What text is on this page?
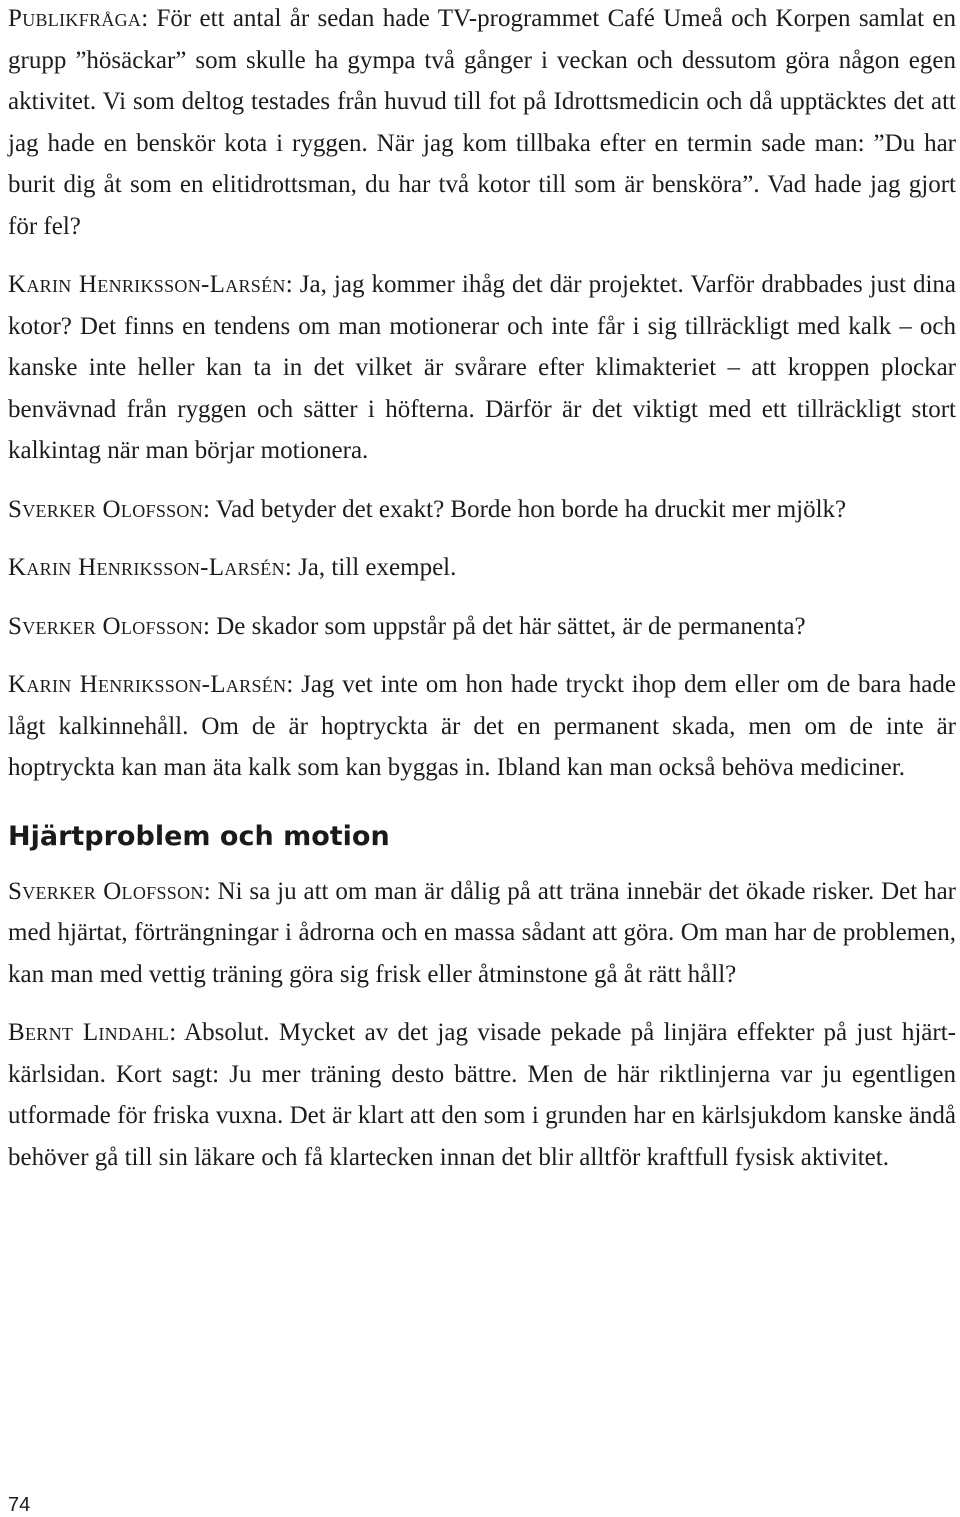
Publikfråga: För ett antal år sedan hade TV-programmet Café Umeå och Korpen samlat en grupp ”hösäckar” som skulle ha gympa två gånger i veckan och dessutom göra någon egen aktivitet. Vi som deltog testades från huvud till fot på Idrottsmedicin och då upptäcktes det att jag hade en benskör kota i ryggen. När jag kom tillbaka efter en termin sade man: ”Du har burit dig åt som en elitidrottsman, du har två kotor till som är bensköra”. Vad hade jag gjort för fel?

Karin Henriksson-Larsén: Ja, jag kommer ihåg det där projektet. Varför drabbades just dina kotor? Det finns en tendens om man motionerar och inte får i sig tillräckligt med kalk – och kanske inte heller kan ta in det vilket är svårare efter klimakteriet – att kroppen plockar benvävnad från ryggen och sätter i höfterna. Därför är det viktigt med ett tillräckligt stort kalkintag när man börjar motionera.

Sverker Olofsson: Vad betyder det exakt? Borde hon borde ha druckit mer mjölk?

Karin Henriksson-Larsén: Ja, till exempel.

Sverker Olofsson: De skador som uppstår på det här sättet, är de permanenta?

Karin Henriksson-Larsén: Jag vet inte om hon hade tryckt ihop dem eller om de bara hade lågt kalkinnehåll. Om de är hoptryckta är det en permanent skada, men om de inte är hoptryckta kan man äta kalk som kan byggas in. Ibland kan man också behöva mediciner.

Hjärtproblem och motion

Sverker Olofsson: Ni sa ju att om man är dålig på att träna innebär det ökade risker. Det har med hjärtat, förträngningar i ådrorna och en massa sådant att göra. Om man har de problemen, kan man med vettig träning göra sig frisk eller åtminstone gå åt rätt håll?

Bernt Lindahl: Absolut. Mycket av det jag visade pekade på linjära effekter på just hjärt-kärlsidan. Kort sagt: Ju mer träning desto bättre. Men de här riktlinjerna var ju egentligen utformade för friska vuxna. Det är klart att den som i grunden har en kärlsjukdom kanske ändå behöver gå till sin läkare och få klartecken innan det blir alltför kraftfull fysisk aktivitet.

74
